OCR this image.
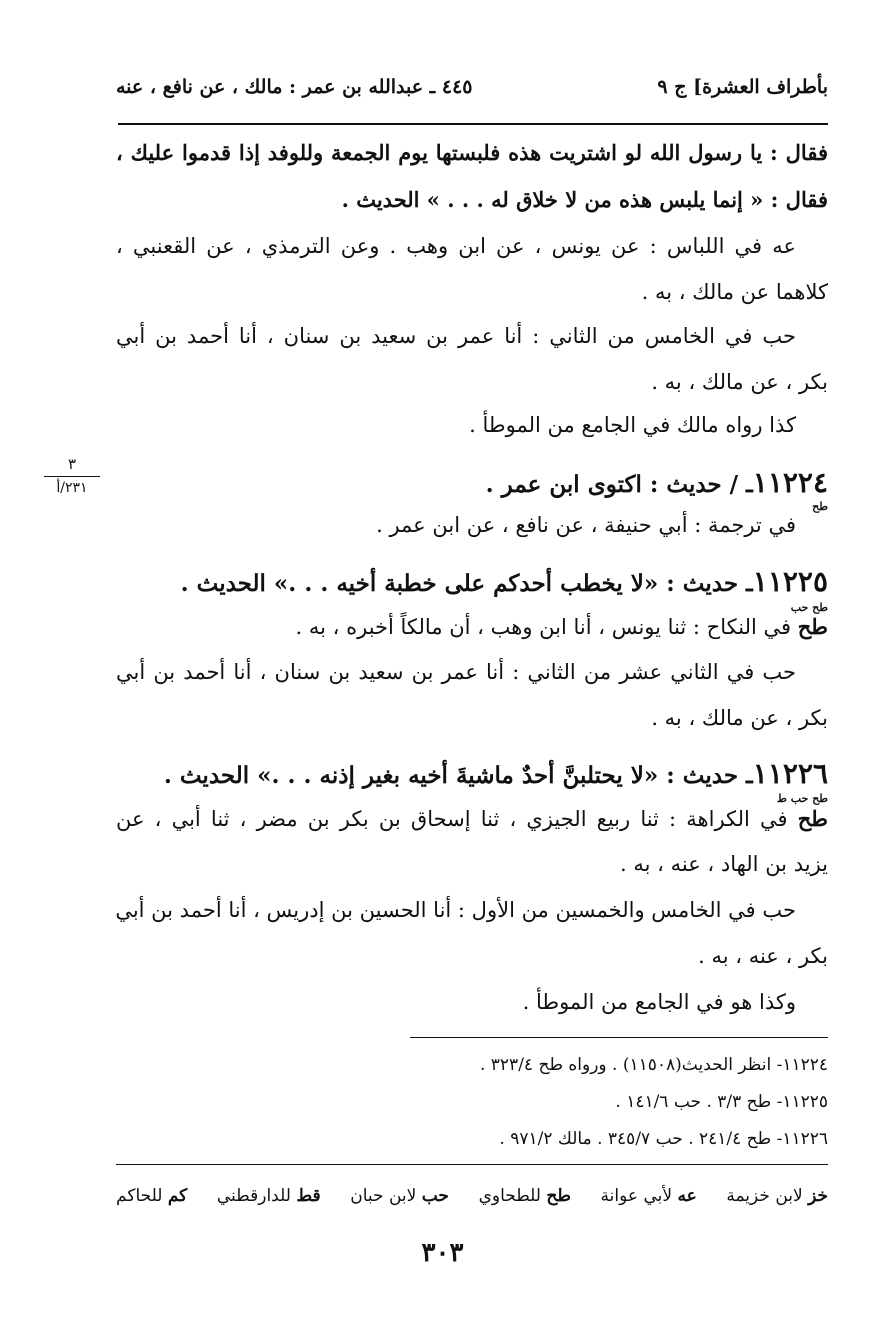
بأطراف العشرة] ج ٩
٤٤٥ ـ عبدالله بن عمر : مالك ، عن نافع ، عنه
فقال : يا رسول الله لو اشتريت هذه فلبستها يوم الجمعة وللوفد إذا قدموا عليك ،
فقال : « إنما يلبس هذه من لا خلاق له . . . » الحديث .
عه في اللباس : عن يونس ، عن ابن وهب . وعن الترمذي ، عن القعنبي ،
كلاهما عن مالك ، به .
حب في الخامس من الثاني : أنا عمر بن سعيد بن سنان ، أنا أحمد بن أبي
بكر ، عن مالك ، به .
كذا رواه مالك في الجامع من الموطأ .
٣
٢٣١/أ	١١٢٢٤ـ / حديث : اكتوى ابن عمر .
طح
في ترجمة : أبي حنيفة ، عن نافع ، عن ابن عمر .
١١٢٢٥ـ حديث : «لا يخطب أحدكم على خطبة أخيه . . .» الحديث .
طح حب
طح في النكاح : ثنا يونس ، أنا ابن وهب ، أن مالكاً أخبره ، به .
حب في الثاني عشر من الثاني : أنا عمر بن سعيد بن سنان ، أنا أحمد بن أبي
بكر ، عن مالك ، به .
١١٢٢٦ـ حديث : «لا يحتلبنَّ أحدٌ ماشيةَ أخيه بغير إذنه . . .» الحديث .
طح حب ط
طح في الكراهة : ثنا ربيع الجيزي ، ثنا إسحاق بن بكر بن مضر ، ثنا أبي ، عن
يزيد بن الهاد ، عنه ، به .
حب في الخامس والخمسين من الأول : أنا الحسين بن إدريس ، أنا أحمد بن أبي
بكر ، عنه ، به .
وكذا هو في الجامع من الموطأ .
١١٢٢٤- انظر الحديث(١١٥٠٨) . ورواه طح ٣٢٣/٤ .
١١٢٢٥- طح ٣/٣ . حب ١٤١/٦ .
١١٢٢٦- طح ٢٤١/٤ . حب ٣٤٥/٧ . مالك ٩٧١/٢ .
خز لابن خزيمة
عه لأبي عوانة
طح للطحاوي
حب لابن حبان
قط للدارقطني
كم للحاكم
٣٠٣
